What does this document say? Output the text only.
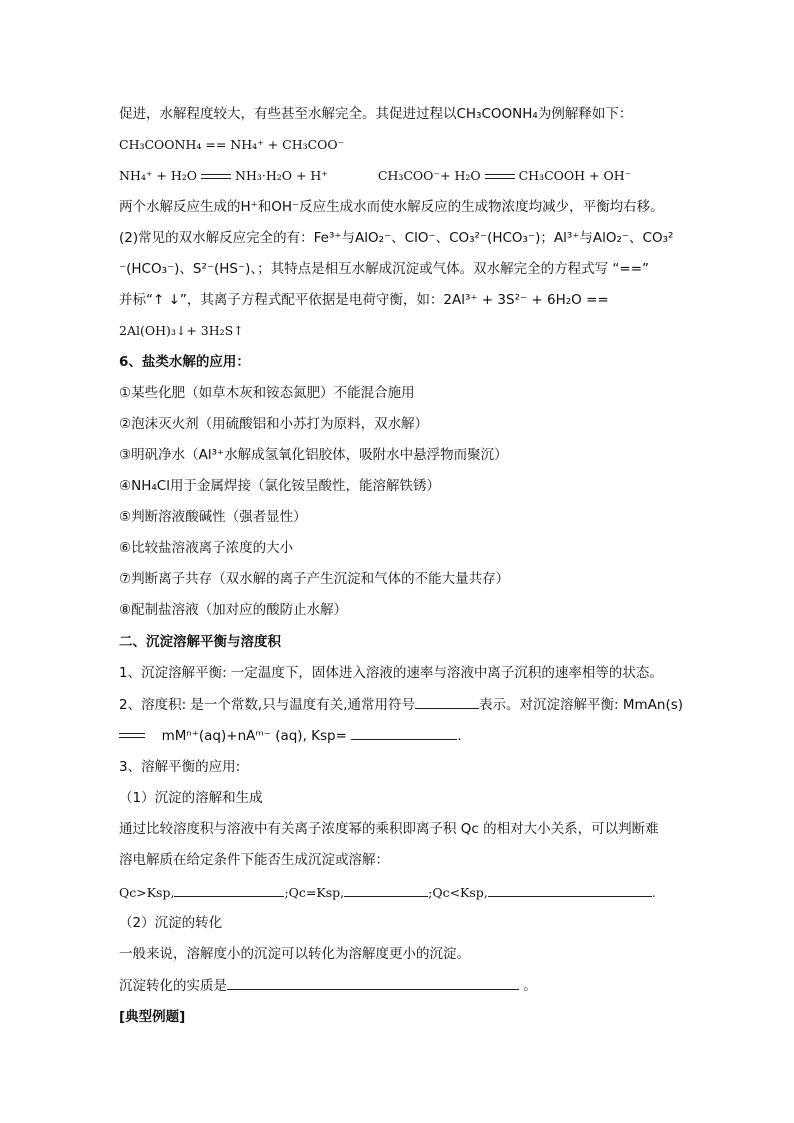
促进，水解程度较大，有些甚至水解完全。其促进过程以CH₃COONH₄为例解释如下：
CH₃COONH₄ == NH₄⁺ + CH₃COO⁻
NH₄⁺ + H₂O	NH₃·H₂O + H⁺	CH₃COO⁻+ H₂O	CH₃COOH + OH⁻
两个水解反应生成的H⁺和OH⁻反应生成水而使水解反应的生成物浓度均减少，平衡均右移。
(2)常见的双水解反应完全的有：Fe³⁺与AlO₂⁻、ClO⁻、CO₃²⁻(HCO₃⁻)；Al³⁺与AlO₂⁻、CO₃²
⁻(HCO₃⁻)、S²⁻(HS⁻)、；其特点是相互水解成沉淀或气体。双水解完全的方程式写 “==”
并标“↑ ↓”，其离子方程式配平依据是电荷守衡，如：2Al³⁺ + 3S²⁻ + 6H₂O ==
2Al(OH)₃↓+ 3H₂S↑
6、盐类水解的应用：
①某些化肥（如草木灰和铵态氮肥）不能混合施用
②泡沫灭火剂（用硫酸铝和小苏打为原料，双水解）
③明矾净水（Al³⁺水解成氢氧化铝胶体，吸附水中悬浮物而聚沉）
④NH₄Cl用于金属焊接（氯化铵呈酸性，能溶解铁锈）
⑤判断溶液酸碱性（强者显性）
⑥比较盐溶液离子浓度的大小
⑦判断离子共存（双水解的离子产生沉淀和气体的不能大量共存）
⑧配制盐溶液（加对应的酸防止水解）
二、沉淀溶解平衡与溶度积
1、沉淀溶解平衡: 一定温度下，固体进入溶液的速率与溶液中离子沉积的速率相等的状态。
2、溶度积: 是一个常数,只与温度有关,通常用符号	表示。对沉淀溶解平衡: MmAn(s)
mMⁿ⁺(aq)+nAᵐ⁻ (aq), Ksp=	.
3、溶解平衡的应用:
（1）沉淀的溶解和生成
通过比较溶度积与溶液中有关离子浓度幂的乘积即离子积 Qc 的相对大小关系，可以判断难
溶电解质在给定条件下能否生成沉淀或溶解：
Qc>Ksp,	;Qc=Ksp,	;Qc<Ksp,	.
（2）沉淀的转化
一般来说，溶解度小的沉淀可以转化为溶解度更小的沉淀。
沉淀转化的实质是	。
[典型例题]
